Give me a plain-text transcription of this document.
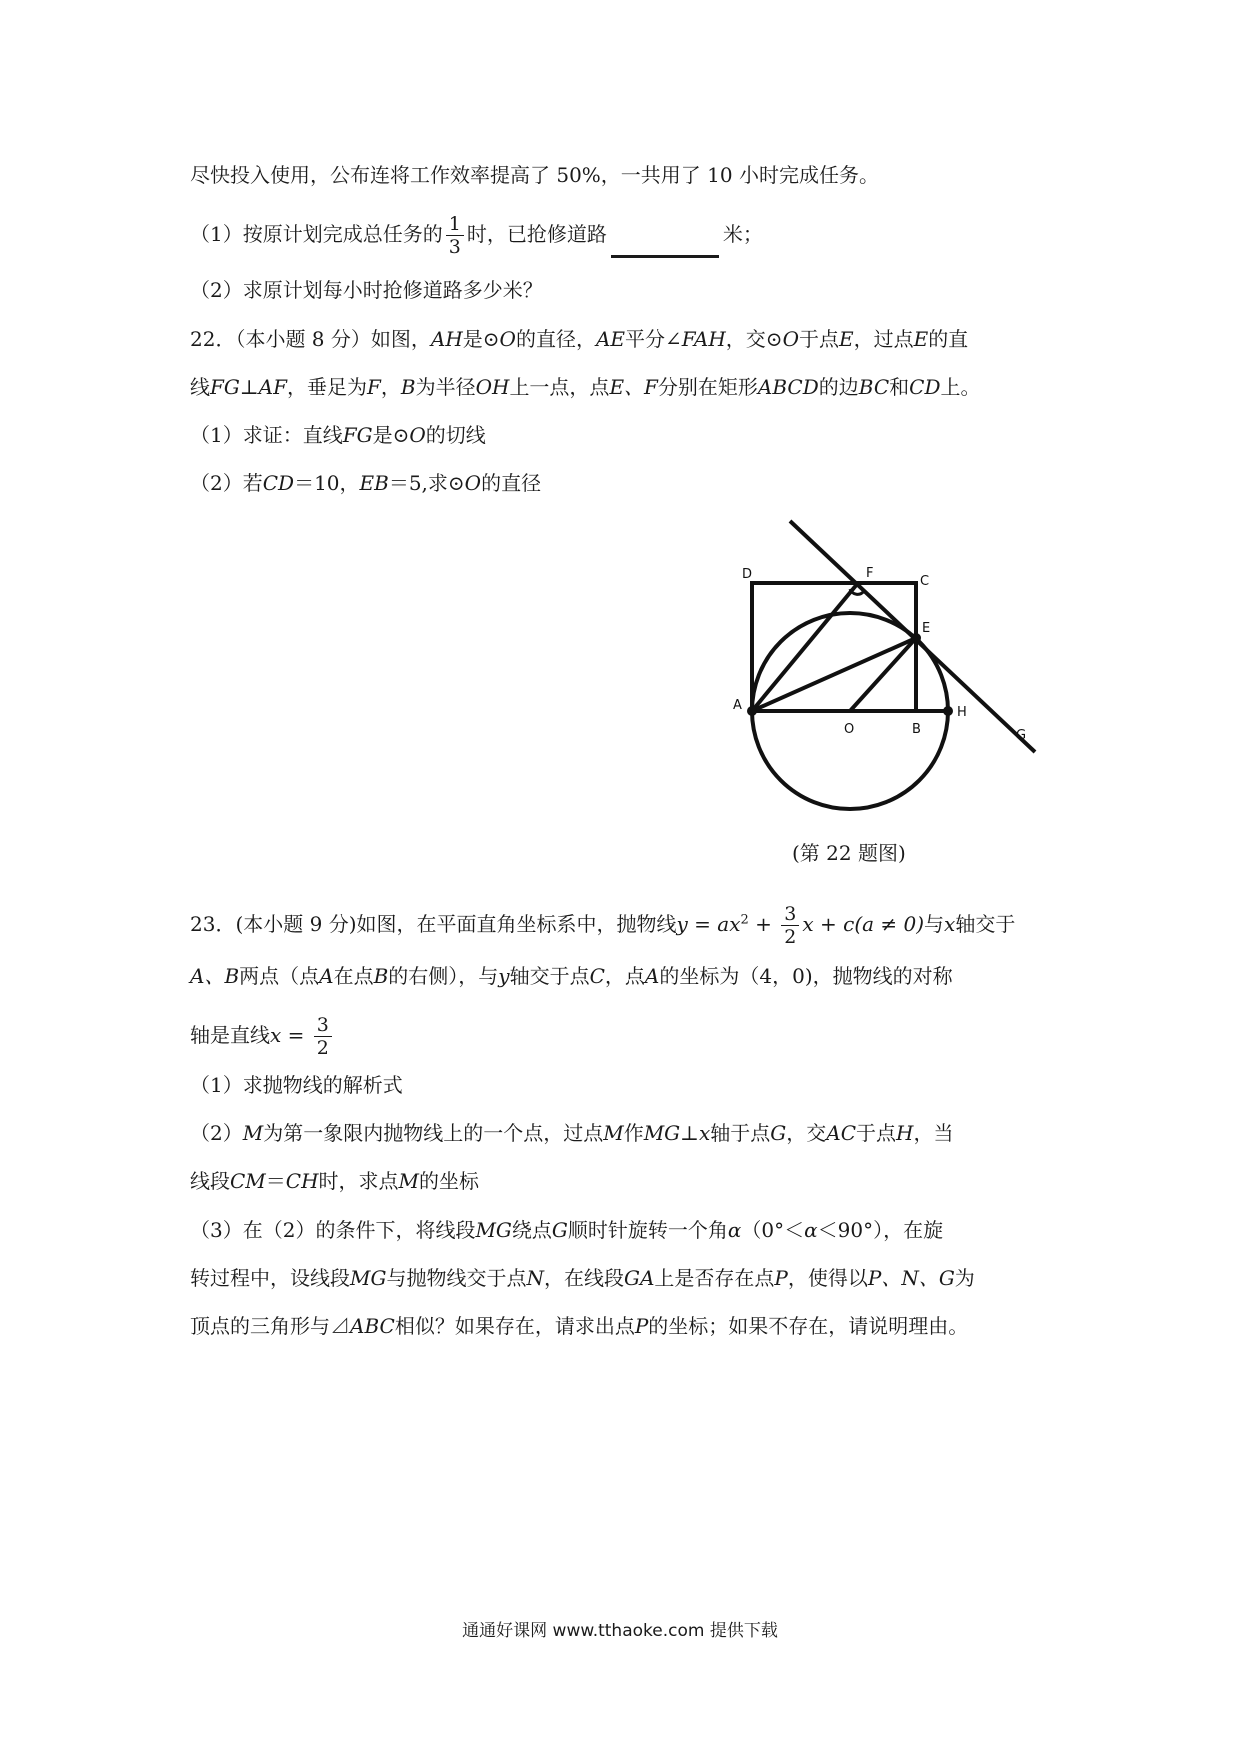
尽快投入使用，公布连将工作效率提高了 50%，一共用了 10 小时完成任务。
（1）按原计划完成总任务的 $\frac{1}{3}$ 时，已抢修道路	米；
（2）求原计划每小时抢修道路多少米？
22．（本小题 8 分）如图，AH是⊙O的直径，AE平分∠FAH，交⊙O于点E，过点E的直
线FG⊥AF，垂足为F，B为半径OH上一点，点E、F分别在矩形ABCD的边BC和CD上。
（1）求证：直线FG是⊙O的切线
（2）若CD＝10，EB＝5,求⊙O的直径
D	F
C
E
A
O	B
H
G
(第 22 题图)
23．(本小题 9 分)如图，在平面直角坐标系中，抛物线$y = ax^2 + \frac{3}{2}$ x + c(a ≠ 0)与x轴交于
A、B两点（点A在点B的右侧），与y轴交于点C，点A的坐标为（4，0)，抛物线的对称
轴是直线$x = \frac{3}{2}$
（1）求抛物线的解析式
（2）M为第一象限内抛物线上的一个点，过点M作MG⊥x轴于点G，交AC于点H，当
线段CM＝CH时，求点M的坐标
（3）在（2）的条件下，将线段MG绕点G顺时针旋转一个角α（0°＜α＜90°），在旋
转过程中，设线段MG与抛物线交于点N，在线段GA上是否存在点P，使得以P、N、G为
顶点的三角形与⊿ABC相似？如果存在，请求出点P的坐标；如果不存在，请说明理由。
通通好课网 www.tthaoke.com 提供下载
